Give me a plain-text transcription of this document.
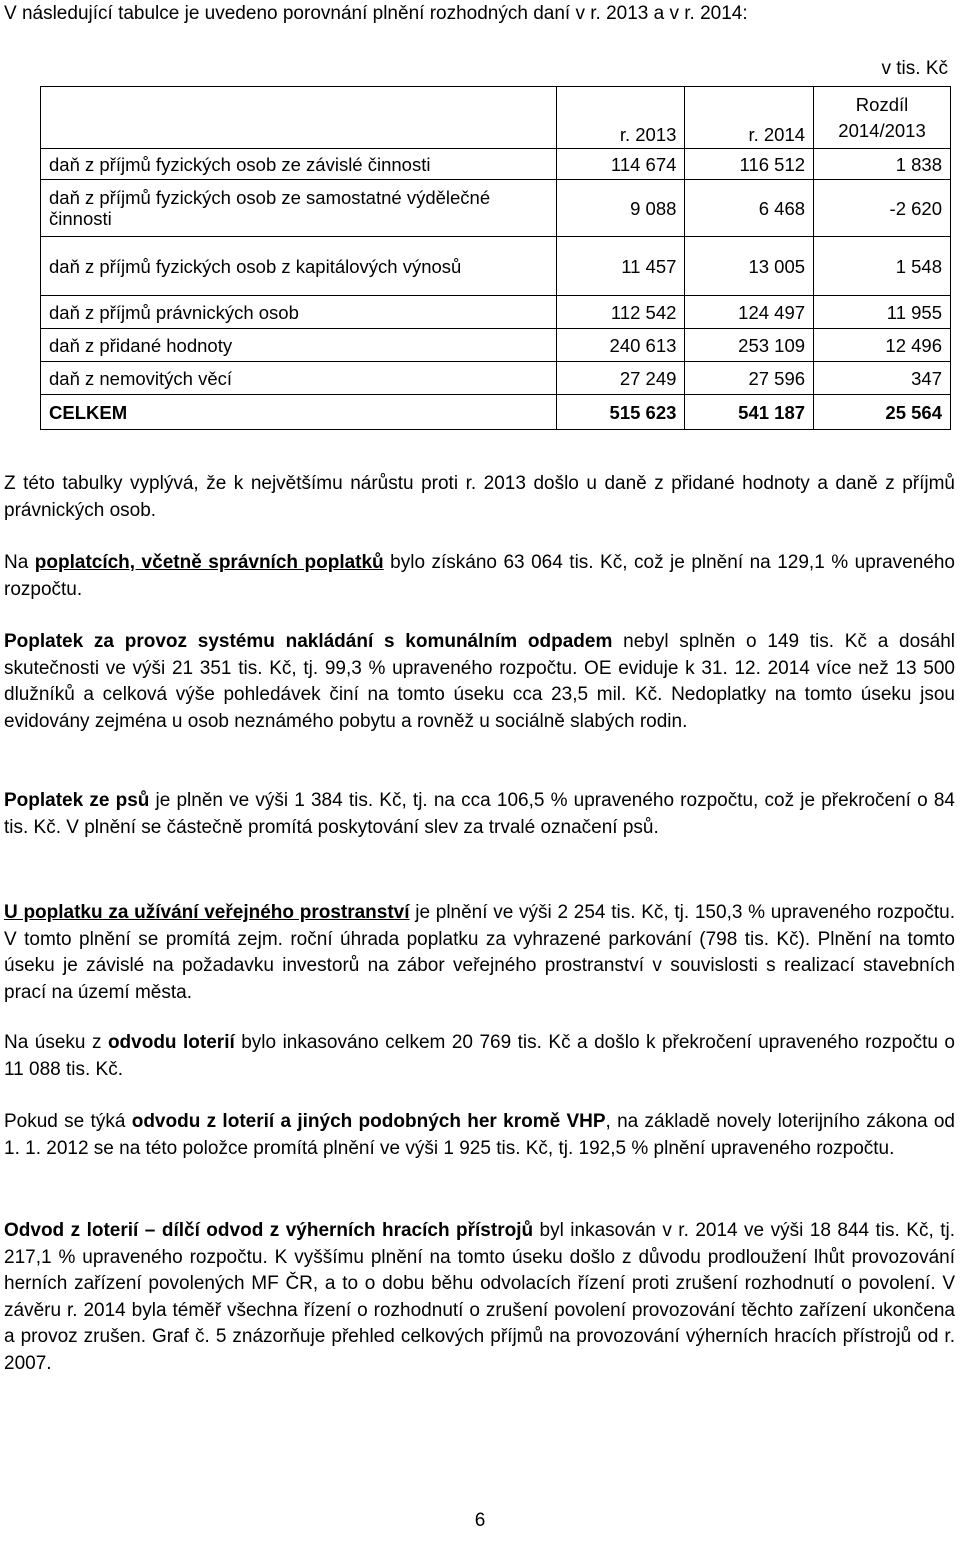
V následující tabulce je uvedeno porovnání plnění rozhodných daní v r. 2013 a v r. 2014:
v tis. Kč
	r. 2013	r. 2014	Rozdíl 2014/2013
daň z příjmů fyzických osob ze závislé činnosti	114 674	116 512	1 838
daň z příjmů fyzických osob ze samostatné výdělečné činnosti	9 088	6 468	-2 620
daň z příjmů fyzických osob z kapitálových výnosů	11 457	13 005	1 548
daň z příjmů právnických osob	112 542	124 497	11 955
daň z přidané hodnoty	240 613	253 109	12 496
daň z nemovitých věcí	27 249	27 596	347
CELKEM	515 623	541 187	25 564
Z této tabulky vyplývá, že k největšímu nárůstu proti r. 2013 došlo u daně z přidané hodnoty a daně z příjmů právnických osob.
Na poplatcích, včetně správních poplatků bylo získáno 63 064 tis. Kč, což je plnění na 129,1 % upraveného rozpočtu.
Poplatek za provoz systému nakládání s komunálním odpadem nebyl splněn o 149 tis. Kč a dosáhl skutečnosti ve výši 21 351 tis. Kč, tj. 99,3 % upraveného rozpočtu. OE eviduje k 31. 12. 2014 více než 13 500 dlužníků a celková výše pohledávek činí na tomto úseku cca 23,5 mil. Kč. Nedoplatky na tomto úseku jsou evidovány zejména u osob neznámého pobytu a rovněž u sociálně slabých rodin.
Poplatek ze psů je plněn ve výši 1 384 tis. Kč, tj. na cca 106,5 % upraveného rozpočtu, což je překročení o 84 tis. Kč. V plnění se částečně promítá poskytování slev za trvalé označení psů.
U poplatku za užívání veřejného prostranství je plnění ve výši 2 254 tis. Kč, tj. 150,3 % upraveného rozpočtu. V tomto plnění se promítá zejm. roční úhrada poplatku za vyhrazené parkování (798 tis. Kč). Plnění na tomto úseku je závislé na požadavku investorů na zábor veřejného prostranství v souvislosti s realizací stavebních prací na území města.
Na úseku z odvodu loterií bylo inkasováno celkem 20 769 tis. Kč a došlo k překročení upraveného rozpočtu o 11 088 tis. Kč.
Pokud se týká odvodu z loterií a jiných podobných her kromě VHP, na základě novely loterijního zákona od 1. 1. 2012 se na této položce promítá plnění ve výši 1 925 tis. Kč, tj. 192,5 % plnění upraveného rozpočtu.
Odvod z loterií – dílčí odvod z výherních hracích přístrojů byl inkasován v r. 2014 ve výši 18 844 tis. Kč, tj. 217,1 % upraveného rozpočtu. K vyššímu plnění na tomto úseku došlo z důvodu prodloužení lhůt provozování herních zařízení povolených MF ČR, a to o dobu běhu odvolacích řízení proti zrušení rozhodnutí o povolení. V závěru r. 2014 byla téměř všechna řízení o rozhodnutí o zrušení povolení provozování těchto zařízení ukončena a provoz zrušen. Graf č. 5 znázorňuje přehled celkových příjmů na provozování výherních hracích přístrojů od r. 2007.
6
